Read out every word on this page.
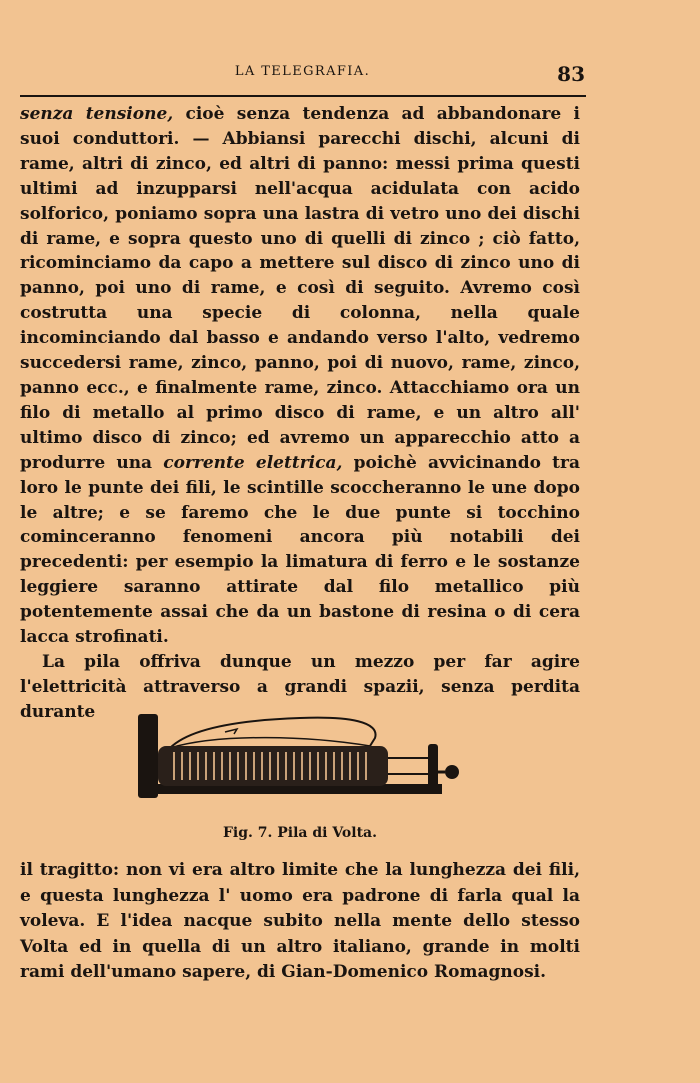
LA TELEGRAFIA.	83

senza tensione, cioè senza tendenza ad abbandonare i suoi conduttori. — Abbiansi parecchi dischi, alcuni di rame, altri di zinco, ed altri di panno: messi prima questi ultimi ad inzupparsi nell'acqua acidulata con acido solforico, poniamo sopra una lastra di vetro uno dei dischi di rame, e sopra questo uno di quelli di zinco ; ciò fatto, ricominciamo da capo a mettere sul disco di zinco uno di panno, poi uno di rame, e così di seguito. Avremo così costrutta una specie di colonna, nella quale incominciando dal basso e andando verso l'alto, vedremo succedersi rame, zinco, panno, poi di nuovo, rame, zinco, panno ecc., e finalmente rame, zinco. Attacchiamo ora un filo di metallo al primo disco di rame, e un altro all' ultimo disco di zinco; ed avremo un apparecchio atto a produrre una corrente elettrica, poichè avvicinando tra loro le punte dei fili, le scintille scoccheranno le une dopo le altre; e se faremo che le due punte si tocchino cominceranno fenomeni ancora più notabili dei precedenti: per esempio la limatura di ferro e le sostanze leggiere saranno attirate dal filo metallico più potentemente assai che da un bastone di resina o di cera lacca strofinati.

La pila offriva dunque un mezzo per far agire l'elettricità attraverso a grandi spazii, senza perdita durante

Fig. 7. Pila di Volta.

il tragitto: non vi era altro limite che la lunghezza dei fili, e questa lunghezza l' uomo era padrone di farla qual la voleva. E l'idea nacque subito nella mente dello stesso Volta ed in quella di un altro italiano, grande in molti rami dell'umano sapere, di Gian-Domenico Romagnosi.
